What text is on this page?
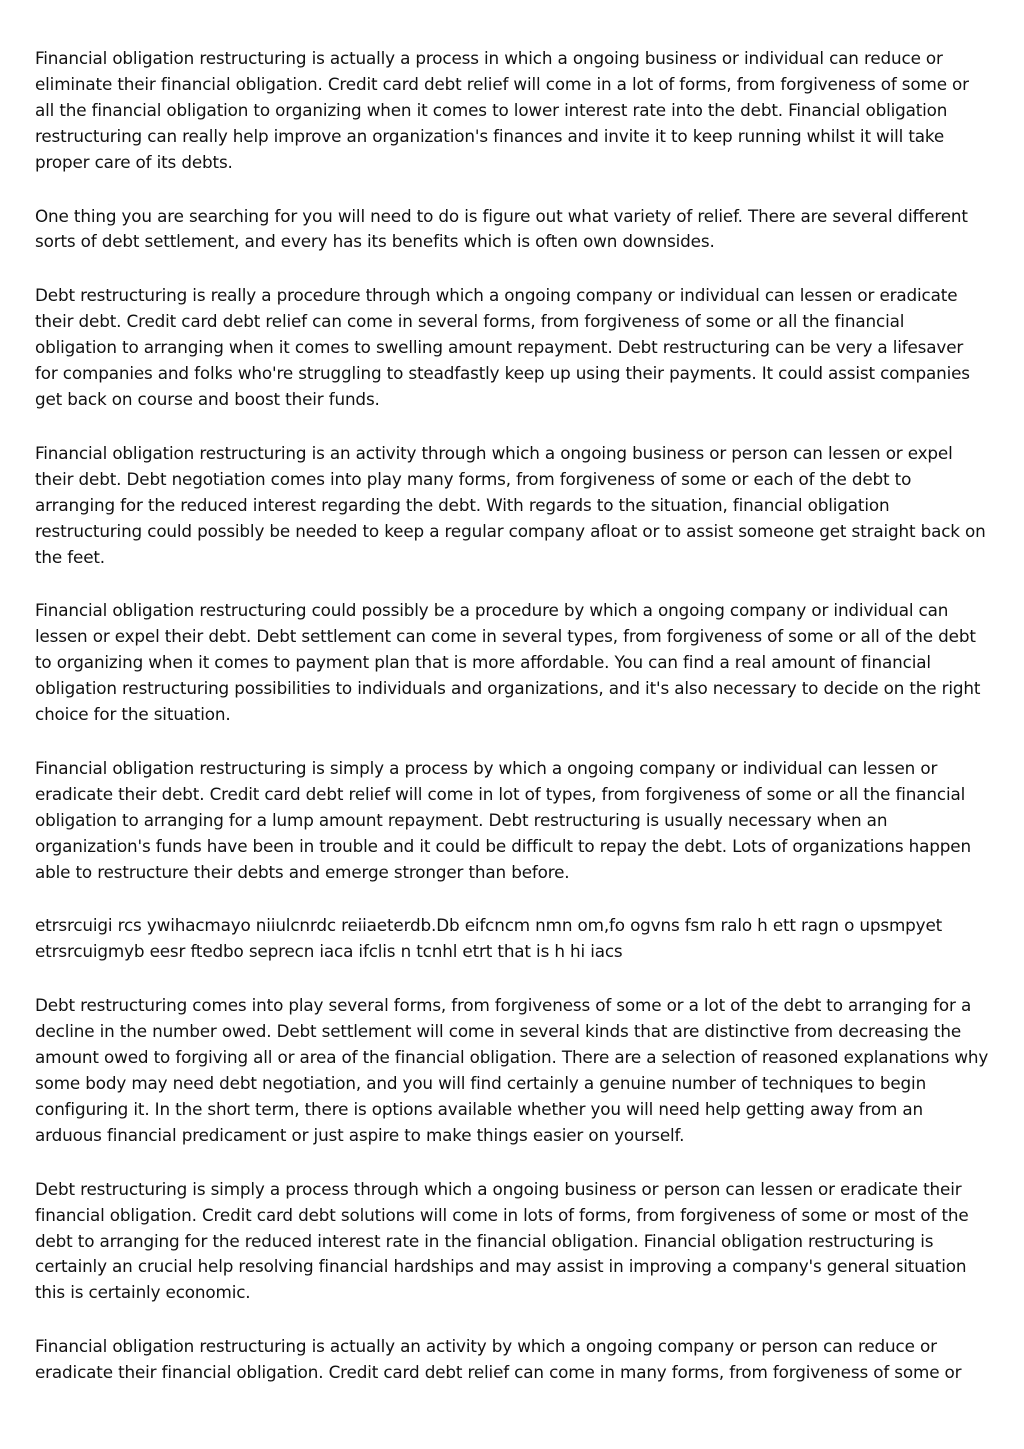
Financial obligation restructuring is actually a process in which a ongoing business or individual can reduce or eliminate their financial obligation. Credit card debt relief will come in a lot of forms, from forgiveness of some or all the financial obligation to organizing when it comes to lower interest rate into the debt. Financial obligation restructuring can really help improve an organization's finances and invite it to keep running whilst it will take proper care of its debts.

One thing you are searching for you will need to do is figure out what variety of relief. There are several different sorts of debt settlement, and every has its benefits which is often own downsides.

Debt restructuring is really a procedure through which a ongoing company or individual can lessen or eradicate their debt. Credit card debt relief can come in several forms, from forgiveness of some or all the financial obligation to arranging when it comes to swelling amount repayment. Debt restructuring can be very a lifesaver for companies and folks who're struggling to steadfastly keep up using their payments. It could assist companies get back on course and boost their funds.

Financial obligation restructuring is an activity through which a ongoing business or person can lessen or expel their debt. Debt negotiation comes into play many forms, from forgiveness of some or each of the debt to arranging for the reduced interest regarding the debt. With regards to the situation, financial obligation restructuring could possibly be needed to keep a regular company afloat or to assist someone get straight back on the feet.

Financial obligation restructuring could possibly be a procedure by which a ongoing company or individual can lessen or expel their debt. Debt settlement can come in several types, from forgiveness of some or all of the debt to organizing when it comes to payment plan that is more affordable. You can find a real amount of financial obligation restructuring possibilities to individuals and organizations, and it's also necessary to decide on the right choice for the situation.

Financial obligation restructuring is simply a process by which a ongoing company or individual can lessen or eradicate their debt. Credit card debt relief will come in lot of types, from forgiveness of some or all the financial obligation to arranging for a lump amount repayment. Debt restructuring is usually necessary when an organization's funds have been in trouble and it could be difficult to repay the debt. Lots of organizations happen able to restructure their debts and emerge stronger than before.

etrsrcuigi rcs ywihacmayo niiulcnrdc reiiaeterdb.Db eifcncm nmn om,fo ogvns fsm ralo h ett ragn o upsmpyet etrsrcuigmyb eesr ftedbo seprecn iaca ifclis n tcnhl etrt that is h hi iacs

Debt restructuring comes into play several forms, from forgiveness of some or a lot of the debt to arranging for a decline in the number owed. Debt settlement will come in several kinds that are distinctive from decreasing the amount owed to forgiving all or area of the financial obligation. There are a selection of reasoned explanations why some body may need debt negotiation, and you will find certainly a genuine number of techniques to begin configuring it. In the short term, there is options available whether you will need help getting away from an arduous financial predicament or just aspire to make things easier on yourself.

Debt restructuring is simply a process through which a ongoing business or person can lessen or eradicate their financial obligation. Credit card debt solutions will come in lots of forms, from forgiveness of some or most of the debt to arranging for the reduced interest rate in the financial obligation. Financial obligation restructuring is certainly an crucial help resolving financial hardships and may assist in improving a company's general situation this is certainly economic.

Financial obligation restructuring is actually an activity by which a ongoing company or person can reduce or eradicate their financial obligation. Credit card debt relief can come in many forms, from forgiveness of some or
